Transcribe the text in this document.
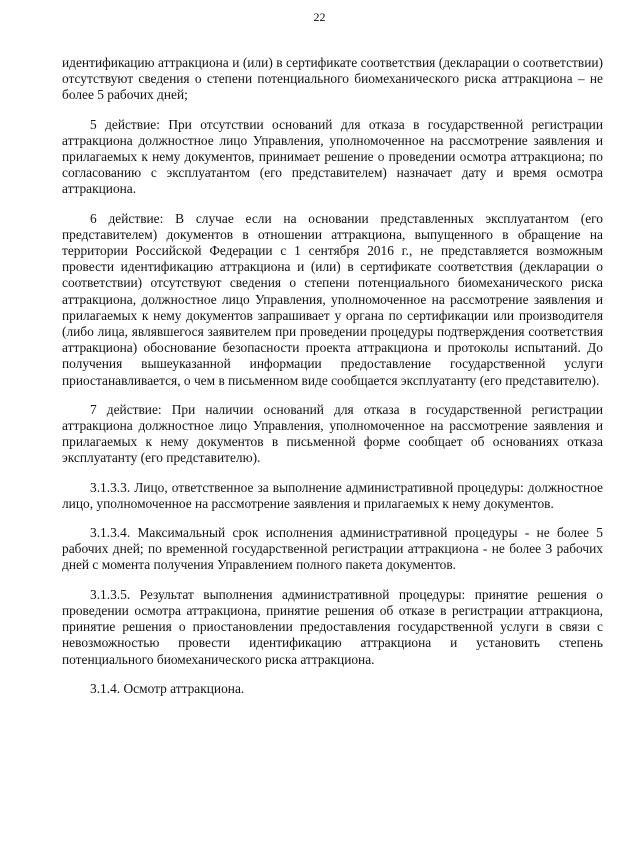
22

идентификацию аттракциона и (или) в сертификате соответствия (декларации о соответствии) отсутствуют сведения о степени потенциального биомеханического риска аттракциона – не более 5 рабочих дней;

5 действие: При отсутствии оснований для отказа в государственной регистрации аттракциона должностное лицо Управления, уполномоченное на рассмотрение заявления и прилагаемых к нему документов, принимает решение о проведении осмотра аттракциона; по согласованию с эксплуатантом (его представителем) назначает дату и время осмотра аттракциона.

6 действие: В случае если на основании представленных эксплуатантом (его представителем) документов в отношении аттракциона, выпущенного в обращение на территории Российской Федерации с 1 сентября 2016 г., не представляется возможным провести идентификацию аттракциона и (или) в сертификате соответствия (декларации о соответствии) отсутствуют сведения о степени потенциального биомеханического риска аттракциона, должностное лицо Управления, уполномоченное на рассмотрение заявления и прилагаемых к нему документов запрашивает у органа по сертификации или производителя (либо лица, являвшегося заявителем при проведении процедуры подтверждения соответствия аттракциона) обоснование безопасности проекта аттракциона и протоколы испытаний. До получения вышеуказанной информации предоставление государственной услуги приостанавливается, о чем в письменном виде сообщается эксплуатанту (его представителю).

7 действие: При наличии оснований для отказа в государственной регистрации аттракциона должностное лицо Управления, уполномоченное на рассмотрение заявления и прилагаемых к нему документов в письменной форме сообщает об основаниях отказа эксплуатанту (его представителю).

3.1.3.3. Лицо, ответственное за выполнение административной процедуры: должностное лицо, уполномоченное на рассмотрение заявления и прилагаемых к нему документов.

3.1.3.4. Максимальный срок исполнения административной процедуры - не более 5 рабочих дней; по временной государственной регистрации аттракциона - не более 3 рабочих дней с момента получения Управлением полного пакета документов.

3.1.3.5. Результат выполнения административной процедуры: принятие решения о проведении осмотра аттракциона, принятие решения об отказе в регистрации аттракциона, принятие решения о приостановлении предоставления государственной услуги в связи с невозможностью провести идентификацию аттракциона и установить степень потенциального биомеханического риска аттракциона.

3.1.4. Осмотр аттракциона.
